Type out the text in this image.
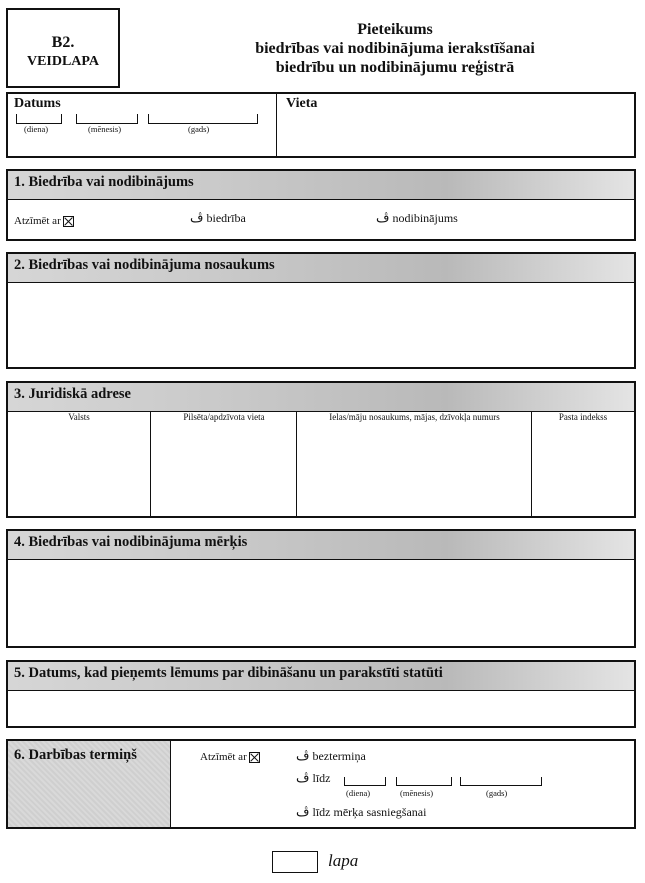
B2.
VEIDLAPA
Pieteikums
biedrības vai nodibinājuma ierakstīšanai
biedrību un nodibinājumu reģistrā
Datums
(diena)	(mēnesis)	(gads)
Vieta
1. Biedrība vai nodibinājums
Atzīmēt ar	ڤ biedrība	ڤ nodibinājums
2. Biedrības vai nodibinājuma nosaukums
3. Juridiskā adrese
Valsts	Pilsēta/apdzīvota vieta	Ielas/māju nosaukums, mājas, dzīvokļa numurs	Pasta indekss
4. Biedrības vai nodibinājuma mērķis
5. Datums, kad pieņemts lēmums par dibināšanu un parakstīti statūti
6. Darbības termiņš	Atzīmēt ar	ڤ beztermiņa
ڤ līdz
(diena)	(mēnesis)	(gads)
ڤ līdz mērķa sasniegšanai
lapa
